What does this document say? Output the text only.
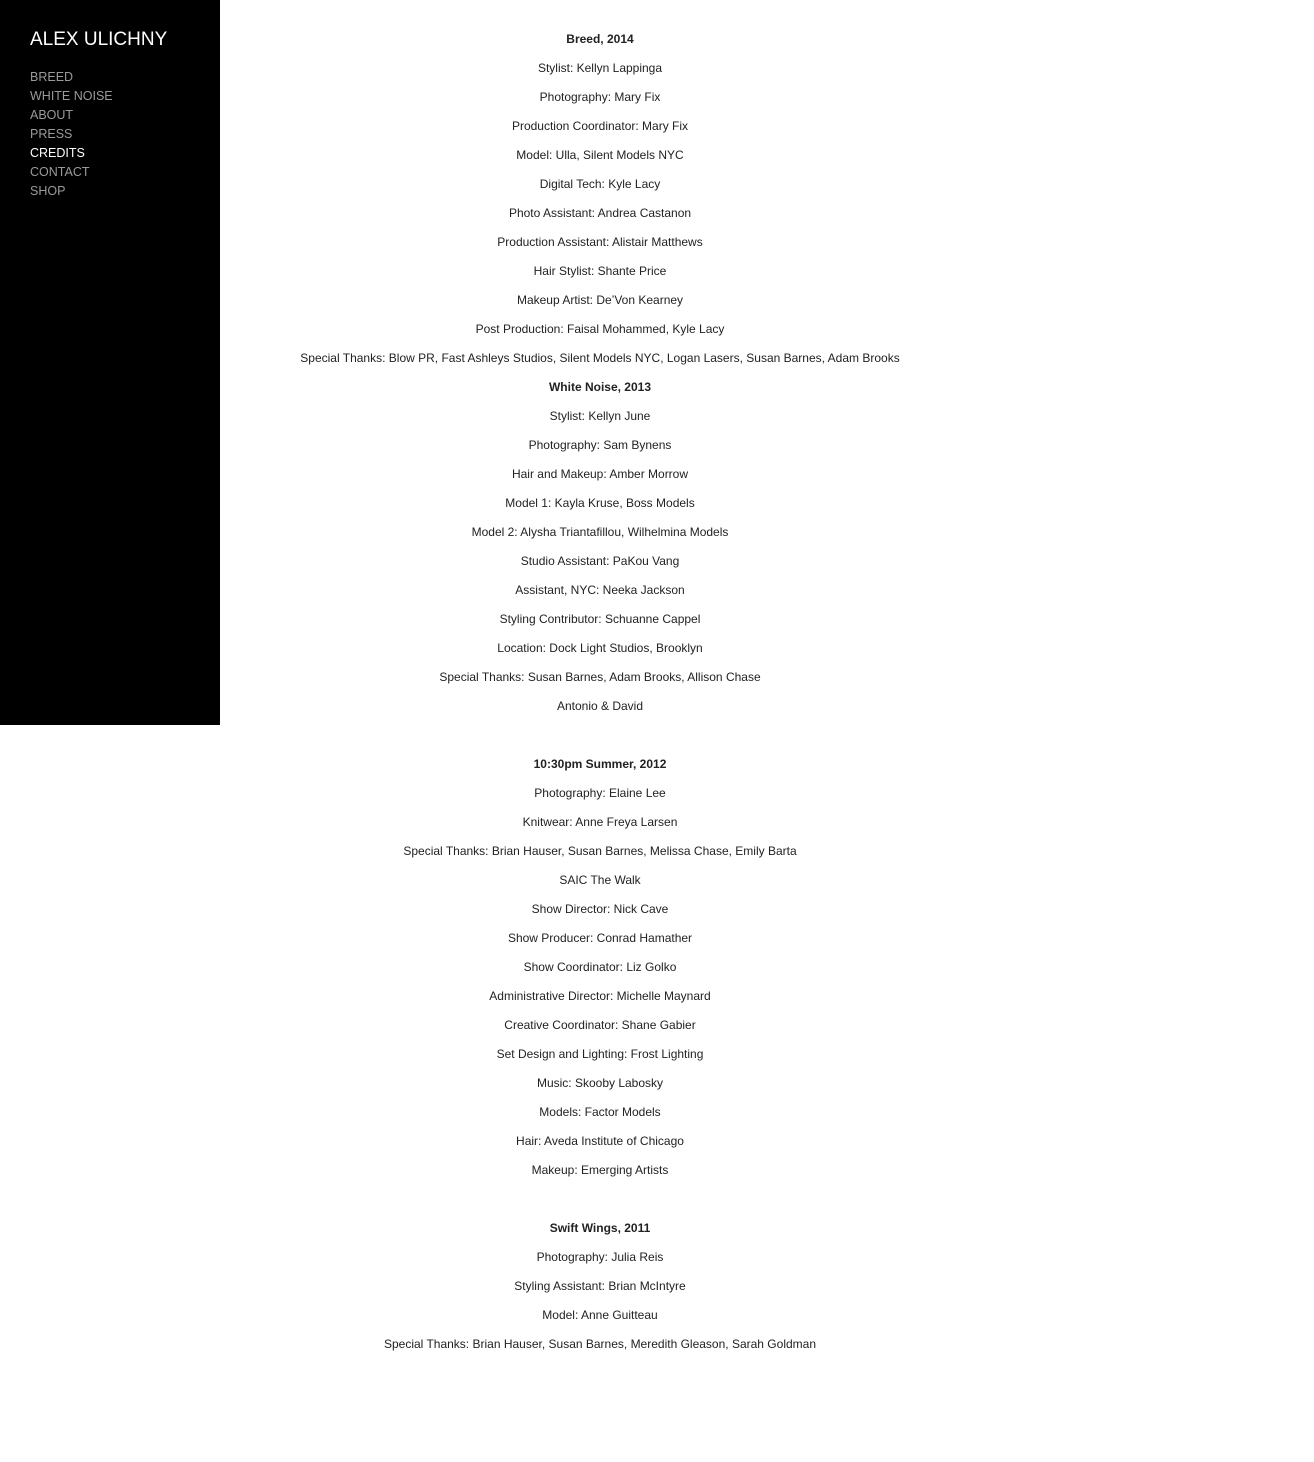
ALEX ULICHNY
BREED
WHITE NOISE
ABOUT
PRESS
CREDITS
CONTACT
SHOP
Breed, 2014
Stylist: Kellyn Lappinga
Photography: Mary Fix
Production Coordinator: Mary Fix
Model: Ulla, Silent Models NYC
Digital Tech: Kyle Lacy
Photo Assistant: Andrea Castanon
Production Assistant: Alistair Matthews
Hair Stylist: Shante Price
Makeup Artist: De’Von Kearney
Post Production: Faisal Mohammed, Kyle Lacy
Special Thanks: Blow PR, Fast Ashleys Studios, Silent Models NYC, Logan Lasers, Susan Barnes, Adam Brooks
White Noise, 2013
Stylist: Kellyn June
Photography: Sam Bynens
Hair and Makeup: Amber Morrow
Model 1: Kayla Kruse, Boss Models
Model 2: Alysha Triantafillou, Wilhelmina Models
Studio Assistant: PaKou Vang
Assistant, NYC: Neeka Jackson
Styling Contributor: Schuanne Cappel
Location: Dock Light Studios, Brooklyn
Special Thanks: Susan Barnes, Adam Brooks, Allison Chase
Antonio & David
10:30pm Summer, 2012
Photography: Elaine Lee
Knitwear: Anne Freya Larsen
Special Thanks: Brian Hauser, Susan Barnes, Melissa Chase, Emily Barta
SAIC The Walk
Show Director: Nick Cave
Show Producer: Conrad Hamather
Show Coordinator: Liz Golko
Administrative Director: Michelle Maynard
Creative Coordinator: Shane Gabier
Set Design and Lighting: Frost Lighting
Music: Skooby Labosky
Models: Factor Models
Hair: Aveda Institute of Chicago
Makeup: Emerging Artists
Swift Wings, 2011
Photography: Julia Reis
Styling Assistant: Brian McIntyre
Model: Anne Guitteau
Special Thanks: Brian Hauser, Susan Barnes, Meredith Gleason, Sarah Goldman
